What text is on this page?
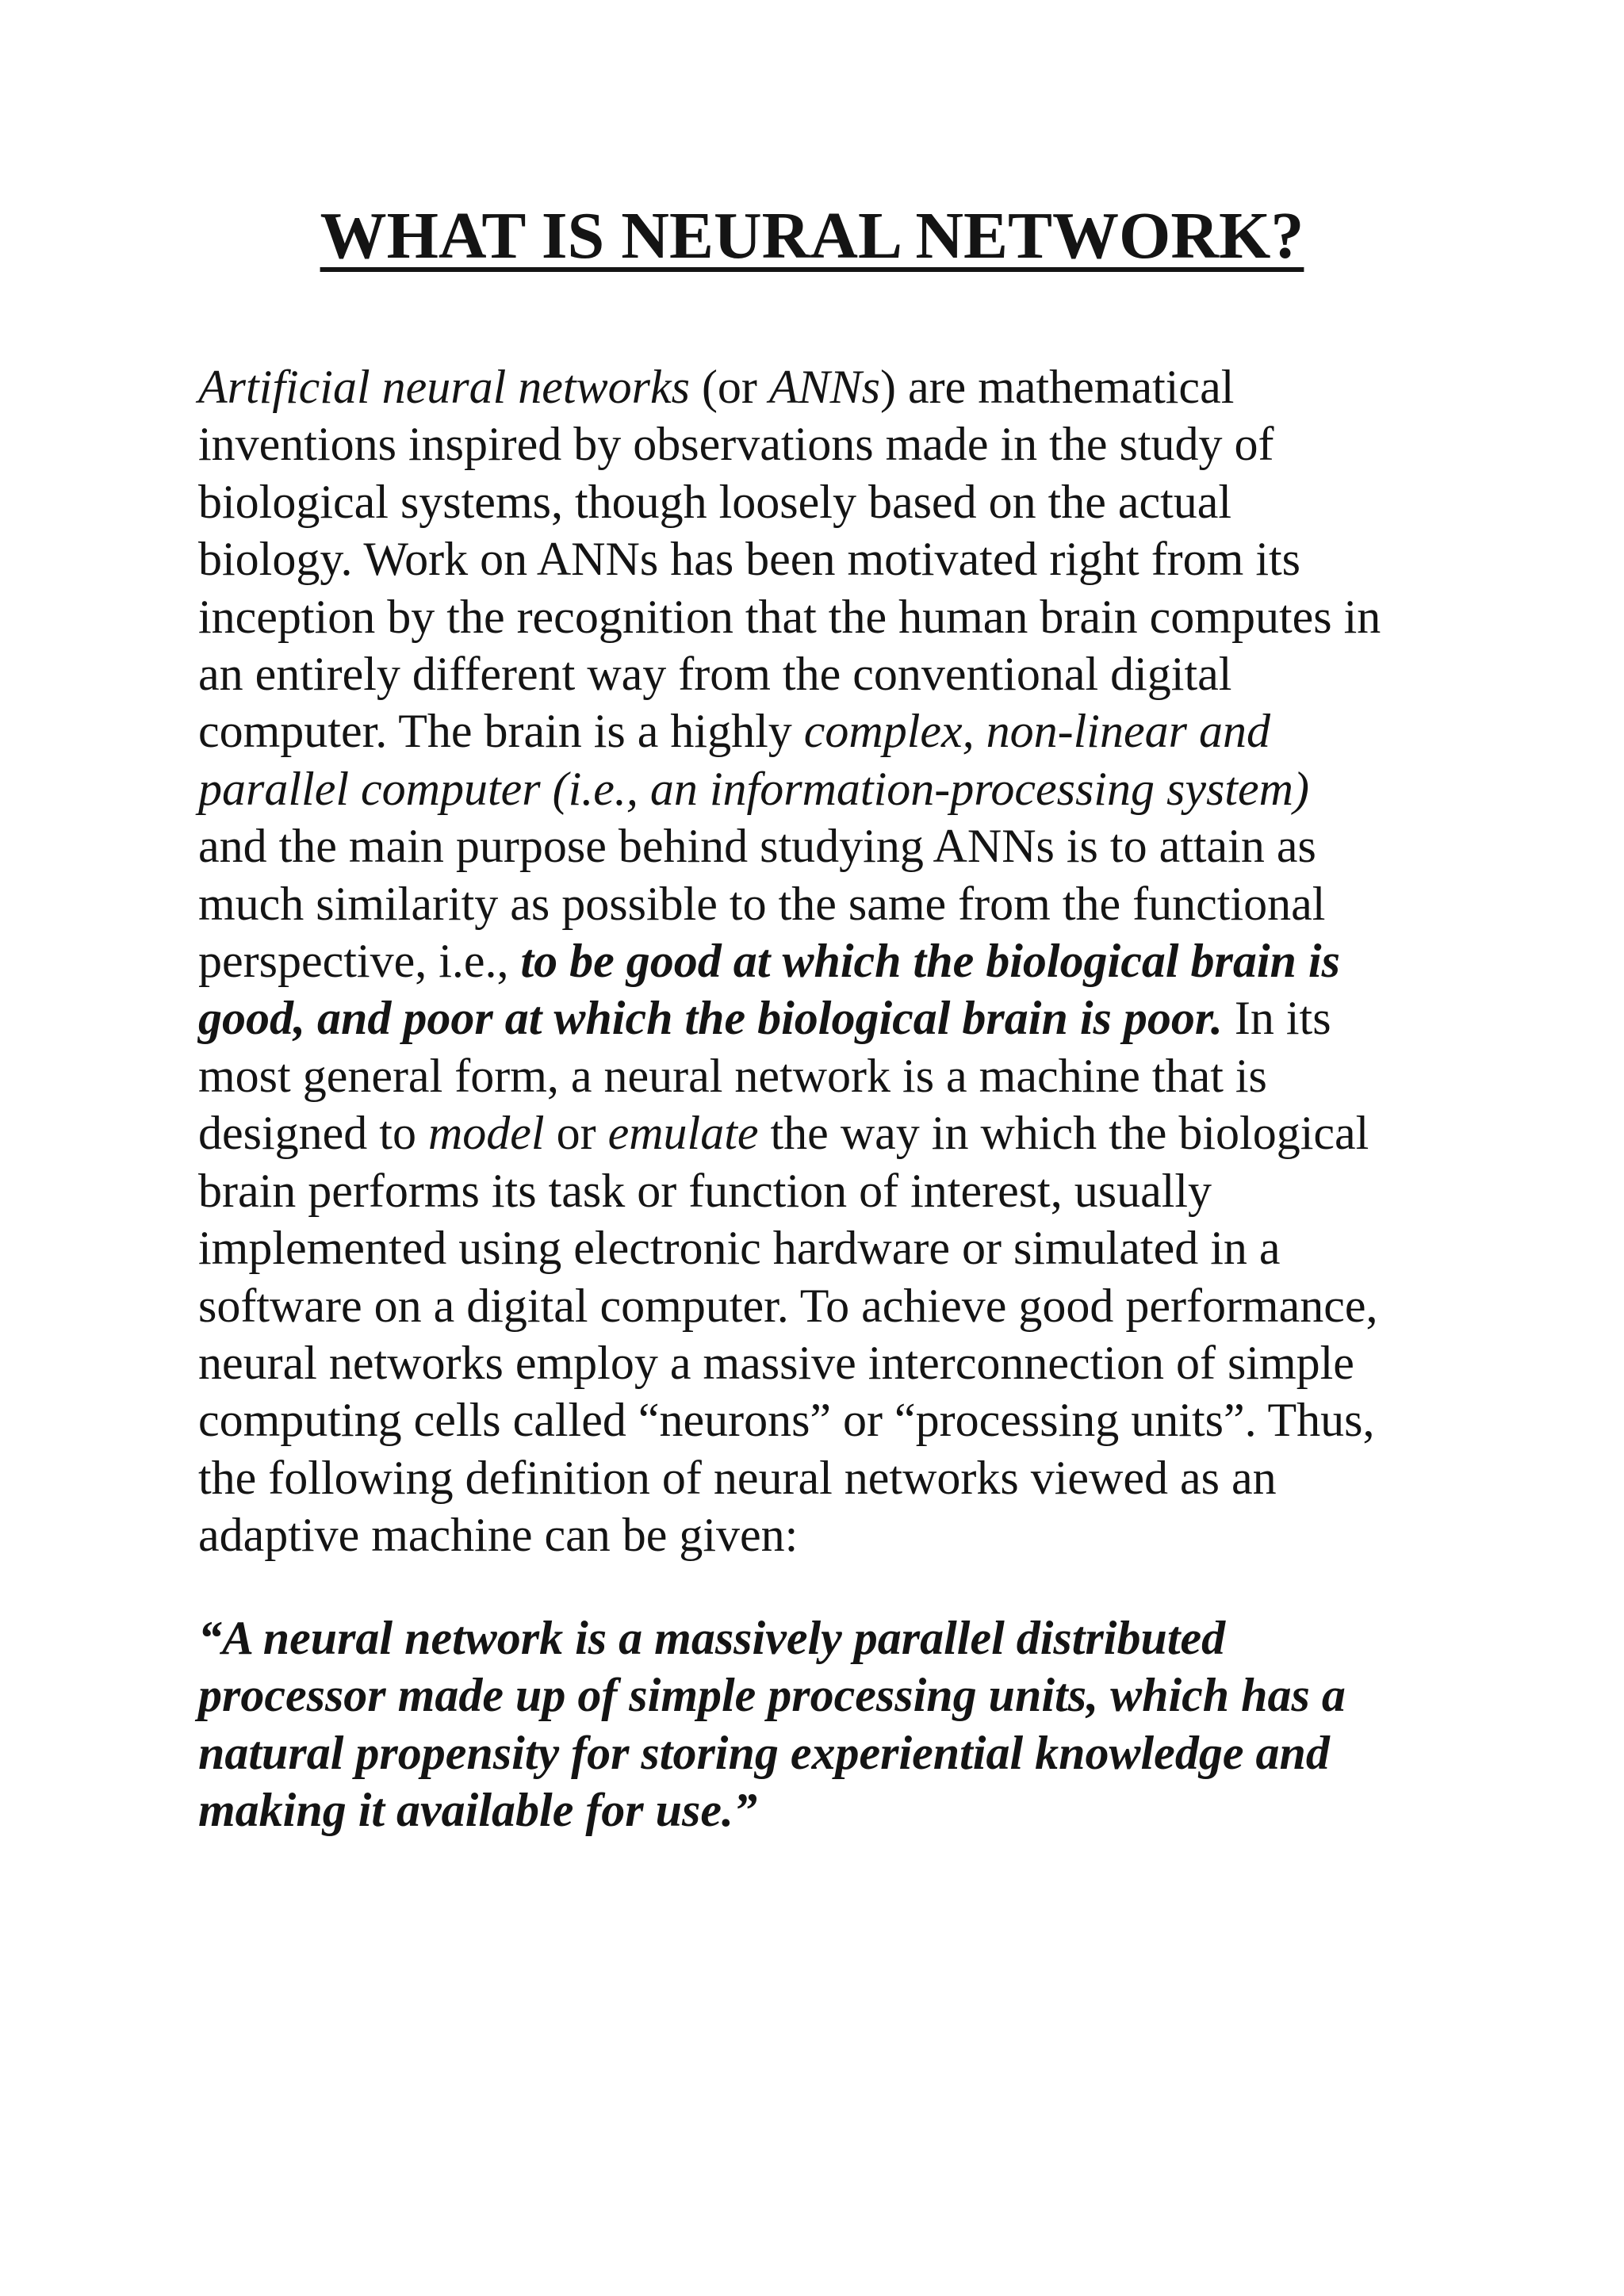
WHAT IS NEURAL NETWORK?

Artificial neural networks (or ANNs) are mathematical
inventions inspired by observations made in the study of
biological systems, though loosely based on the actual
biology. Work on ANNs has been motivated right from its
inception by the recognition that the human brain computes in
an entirely different way from the conventional digital
computer. The brain is a highly complex, non-linear and
parallel computer (i.e., an information-processing system)
and the main purpose behind studying ANNs is to attain as
much similarity as possible to the same from the functional
perspective, i.e., to be good at which the biological brain is
good, and poor at which the biological brain is poor. In its
most general form, a neural network is a machine that is
designed to model or emulate the way in which the biological
brain performs its task or function of interest, usually
implemented using electronic hardware or simulated in a
software on a digital computer. To achieve good performance,
neural networks employ a massive interconnection of simple
computing cells called “neurons” or “processing units”. Thus,
the following definition of neural networks viewed as an
adaptive machine can be given:

“A neural network is a massively parallel distributed
processor made up of simple processing units, which has a
natural propensity for storing experiential knowledge and
making it available for use.”
